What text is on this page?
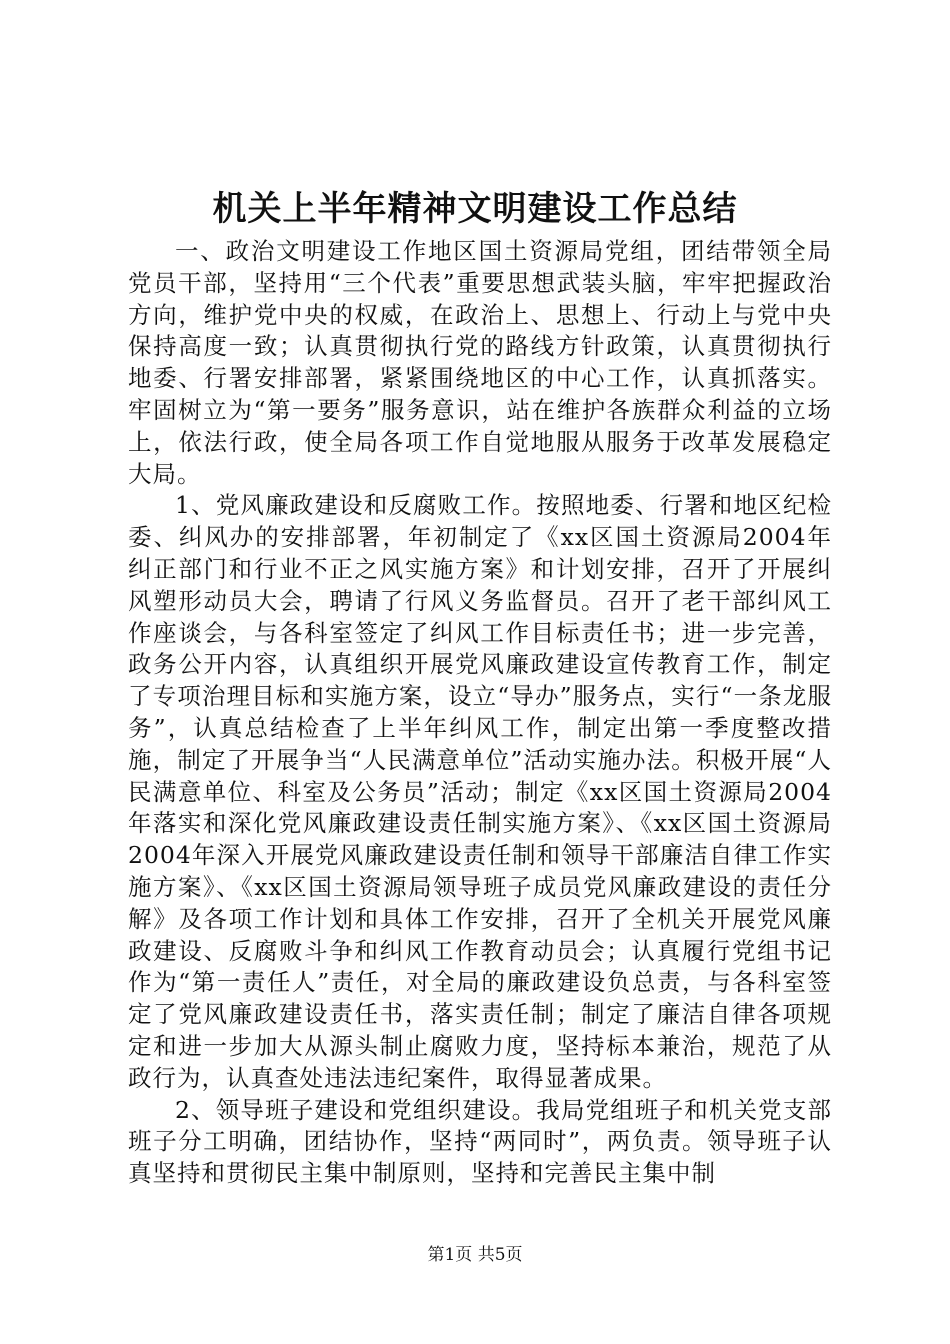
机关上半年精神文明建设工作总结

一、政治文明建设工作地区国土资源局党组，团结带领全局党员干部，坚持用“三个代表”重要思想武装头脑，牢牢把握政治方向，维护党中央的权威，在政治上、思想上、行动上与党中央保持高度一致；认真贯彻执行党的路线方针政策，认真贯彻执行地委、行署安排部署，紧紧围绕地区的中心工作，认真抓落实。牢固树立为“第一要务”服务意识，站在维护各族群众利益的立场上，依法行政，使全局各项工作自觉地服从服务于改革发展稳定大局。

1、党风廉政建设和反腐败工作。按照地委、行署和地区纪检委、纠风办的安排部署，年初制定了《xx区国土资源局2004年纠正部门和行业不正之风实施方案》和计划安排，召开了开展纠风塑形动员大会，聘请了行风义务监督员。召开了老干部纠风工作座谈会，与各科室签定了纠风工作目标责任书；进一步完善，政务公开内容，认真组织开展党风廉政建设宣传教育工作，制定了专项治理目标和实施方案，设立“导办”服务点，实行“一条龙服务”，认真总结检查了上半年纠风工作，制定出第一季度整改措施，制定了开展争当“人民满意单位”活动实施办法。积极开展“人民满意单位、科室及公务员”活动；制定《xx区国土资源局2004年落实和深化党风廉政建设责任制实施方案》、《xx区国土资源局2004年深入开展党风廉政建设责任制和领导干部廉洁自律工作实施方案》、《xx区国土资源局领导班子成员党风廉政建设的责任分解》及各项工作计划和具体工作安排，召开了全机关开展党风廉政建设、反腐败斗争和纠风工作教育动员会；认真履行党组书记作为“第一责任人”责任，对全局的廉政建设负总责，与各科室签定了党风廉政建设责任书，落实责任制；制定了廉洁自律各项规定和进一步加大从源头制止腐败力度，坚持标本兼治，规范了从政行为，认真查处违法违纪案件，取得显著成果。

2、领导班子建设和党组织建设。我局党组班子和机关党支部班子分工明确，团结协作，坚持“两同时”，两负责。领导班子认真坚持和贯彻民主集中制原则，坚持和完善民主集中制

第1页 共5页
